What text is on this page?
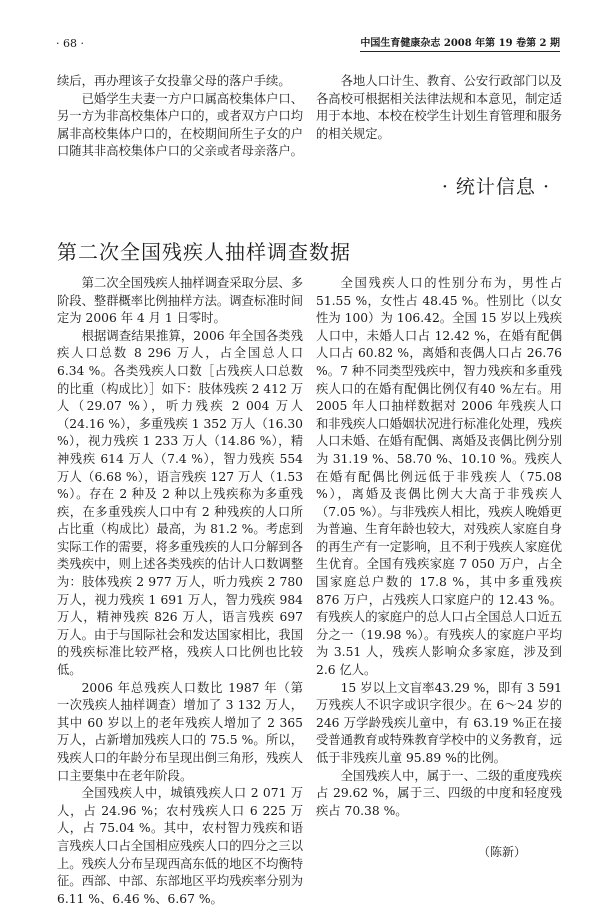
· 68 ·	中国生育健康杂志 2008 年第 19 卷第 2 期

续后，再办理该子女投靠父母的落户手续。

已婚学生夫妻一方户口属高校集体户口、另一方为非高校集体户口的，或者双方户口均属非高校集体户口的，在校期间所生子女的户口随其非高校集体户口的父亲或者母亲落户。

各地人口计生、教育、公安行政部门以及各高校可根据相关法律法规和本意见，制定适用于本地、本校在校学生计划生育管理和服务的相关规定。

· 统计信息 ·
第二次全国残疾人抽样调查数据

第二次全国残疾人抽样调查采取分层、多阶段、整群概率比例抽样方法。调查标准时间定为 2006 年 4 月 1 日零时。

根据调查结果推算，2006 年全国各类残疾人口总数 8 296 万人，占全国总人口 6.34 %。各类残疾人口数［占残疾人口总数的比重（构成比）］如下：肢体残疾 2 412 万人（29.07 %），听力残疾 2 004 万人（24.16 %），多重残疾 1 352 万人（16.30 %），视力残疾 1 233 万人（14.86 %），精神残疾 614 万人（7.4 %），智力残疾 554 万人（6.68 %），语言残疾 127 万人（1.53 %）。存在 2 种及 2 种以上残疾称为多重残疾，在多重残疾人口中有 2 种残疾的人口所占比重（构成比）最高，为 81.2 %。考虑到实际工作的需要，将多重残疾的人口分解到各类残疾中，则上述各类残疾的估计人口数调整为：肢体残疾 2 977 万人，听力残疾 2 780 万人，视力残疾 1 691 万人，智力残疾 984 万人，精神残疾 826 万人，语言残疾 697 万人。由于与国际社会和发达国家相比，我国的残疾标准比较严格，残疾人口比例也比较低。

2006 年总残疾人口数比 1987 年（第一次残疾人抽样调查）增加了 3 132 万人，其中 60 岁以上的老年残疾人增加了 2 365 万人，占新增加残疾人口的 75.5 %。所以，残疾人口的年龄分布呈现出倒三角形，残疾人口主要集中在老年阶段。

全国残疾人中，城镇残疾人口 2 071 万人，占 24.96 %；农村残疾人口 6 225 万人，占 75.04 %。其中，农村智力残疾和语言残疾人口占全国相应残疾人口的四分之三以上。残疾人分布呈现西高东低的地区不均衡特征。西部、中部、东部地区平均残疾率分别为 6.11 %、6.46 %、6.67 %。

全国残疾人口的性别分布为，男性占 51.55 %，女性占 48.45 %。性别比（以女性为 100）为 106.42。全国 15 岁以上残疾人口中，未婚人口占 12.42 %，在婚有配偶人口占 60.82 %，离婚和丧偶人口占 26.76 %。7 种不同类型残疾中，智力残疾和多重残疾人口的在婚有配偶比例仅有40 %左右。用 2005 年人口抽样数据对 2006 年残疾人口和非残疾人口婚姻状况进行标准化处理，残疾人口未婚、在婚有配偶、离婚及丧偶比例分别为 31.19 %、58.70 %、10.10 %。残疾人在婚有配偶比例远低于非残疾人（75.08 %），离婚及丧偶比例大大高于非残疾人（7.05 %）。与非残疾人相比，残疾人晚婚更为普遍、生育年龄也较大，对残疾人家庭自身的再生产有一定影响，且不利于残疾人家庭优生优育。全国有残疾家庭 7 050 万户，占全国家庭总户数的 17.8 %，其中多重残疾 876 万户，占残疾人口家庭户的 12.43 %。有残疾人的家庭户的总人口占全国总人口近五分之一（19.98 %）。有残疾人的家庭户平均为 3.51 人，残疾人影响众多家庭，涉及到 2.6 亿人。

15 岁以上文盲率43.29 %，即有 3 591 万残疾人不识字或识字很少。在 6～24 岁的 246 万学龄残疾儿童中，有 63.19 %正在接受普通教育或特殊教育学校中的义务教育，远低于非残疾儿童 95.89 %的比例。

全国残疾人中，属于一、二级的重度残疾占 29.62 %，属于三、四级的中度和轻度残疾占 70.38 %。

（陈新）
